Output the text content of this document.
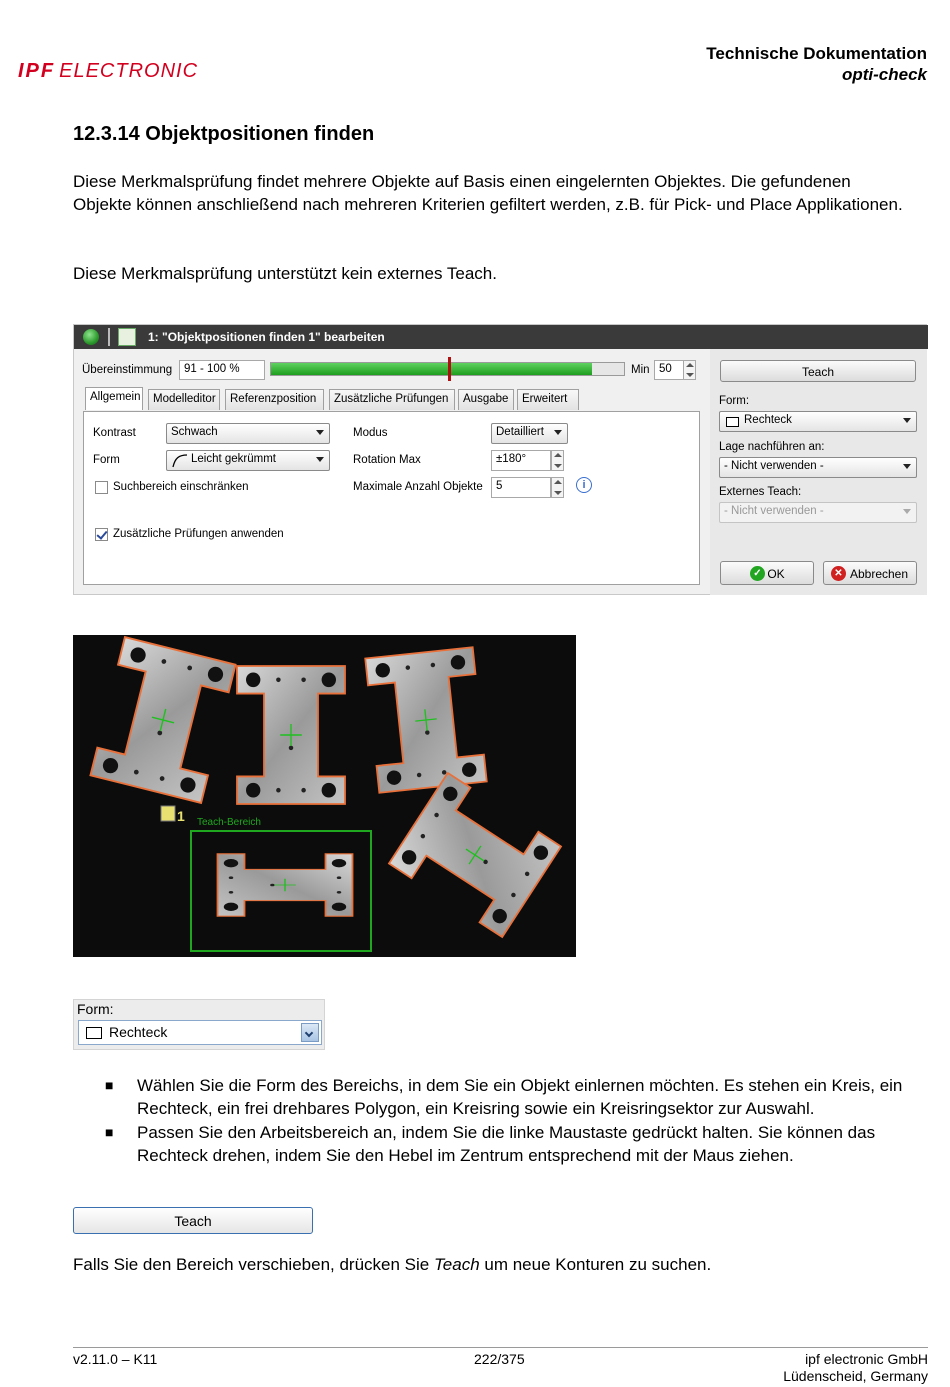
IPF ELECTRONIC
Technische Dokumentation
opti-check
12.3.14 Objektpositionen finden
Diese Merkmalsprüfung findet mehrere Objekte auf Basis einen eingelernten Objektes. Die gefundenen Objekte können anschließend nach mehreren Kriterien gefiltert werden, z.B. für Pick- und Place Applikationen.
Diese Merkmalsprüfung unterstützt kein externes Teach.
1: "Objektpositionen finden 1" bearbeiten
Übereinstimmung	91 - 100 %	Min 50
Allgemein	Modelleditor	Referenzposition	Zusätzliche Prüfungen	Ausgabe	Erweitert
Kontrast	Schwach
Form	Leicht gekrümmt
Suchbereich einschränken
Zusätzliche Prüfungen anwenden
Modus	Detailliert
Rotation Max	±180°
Maximale Anzahl Objekte	5	i
Teach
Form:
Rechteck
Lage nachführen an:
- Nicht verwenden -
Externes Teach:
- Nicht verwenden -
✓ OK	✕ Abbrechen
Teach-Bereich
1
Form:
Rechteck
■ Wählen Sie die Form des Bereichs, in dem Sie ein Objekt einlernen möchten. Es stehen ein Kreis, ein Rechteck, ein frei drehbares Polygon, ein Kreisring sowie ein Kreisringsektor zur Auswahl.
■ Passen Sie den Arbeitsbereich an, indem Sie die linke Maustaste gedrückt halten. Sie können das Rechteck drehen, indem Sie den Hebel im Zentrum entsprechend mit der Maus ziehen.
Teach
Falls Sie den Bereich verschieben, drücken Sie Teach um neue Konturen zu suchen.
v2.11.0 – K11	222/375	ipf electronic GmbH
Lüdenscheid, Germany
